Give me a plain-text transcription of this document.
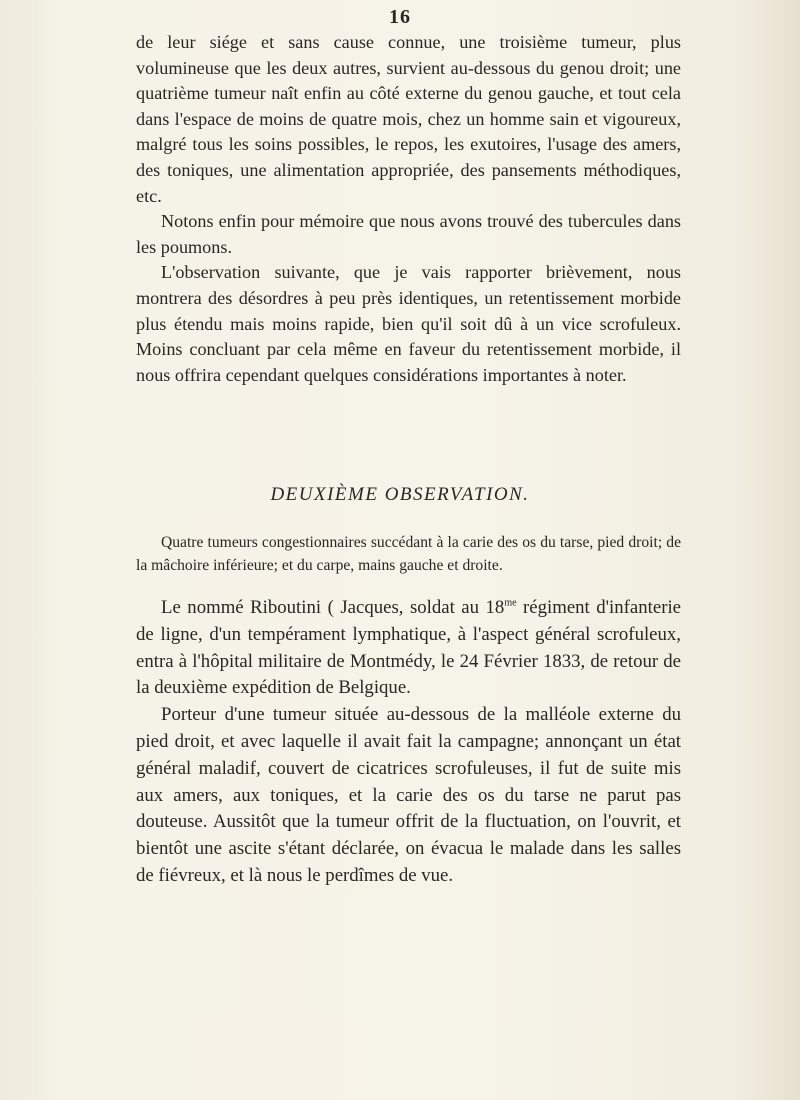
16

de leur siége et sans cause connue, une troisième tumeur, plus volumineuse que les deux autres, survient au-dessous du genou droit; une quatrième tumeur naît enfin au côté externe du genou gauche, et tout cela dans l'espace de moins de quatre mois, chez un homme sain et vigoureux, malgré tous les soins possibles, le repos, les exutoires, l'usage des amers, des toniques, une alimentation appropriée, des pansements méthodiques, etc.

Notons enfin pour mémoire que nous avons trouvé des tubercules dans les poumons.

L'observation suivante, que je vais rapporter brièvement, nous montrera des désordres à peu près identiques, un retentissement morbide plus étendu mais moins rapide, bien qu'il soit dû à un vice scrofuleux. Moins concluant par cela même en faveur du retentissement morbide, il nous offrira cependant quelques considérations importantes à noter.

DEUXIÈME OBSERVATION.

Quatre tumeurs congestionnaires succédant à la carie des os du tarse, pied droit; de la mâchoire inférieure; et du carpe, mains gauche et droite.

Le nommé Riboutini ( Jacques, soldat au $18^{me}$ régiment d'infanterie de ligne, d'un tempérament lymphatique, à l'aspect général scrofuleux, entra à l'hôpital militaire de Montmédy, le 24 Février 1833, de retour de la deuxième expédition de Belgique.

Porteur d'une tumeur située au-dessous de la malléole externe du pied droit, et avec laquelle il avait fait la campagne; annonçant un état général maladif, couvert de cicatrices scrofuleuses, il fut de suite mis aux amers, aux toniques, et la carie des os du tarse ne parut pas douteuse. Aussitôt que la tumeur offrit de la fluctuation, on l'ouvrit, et bientôt une ascite s'étant déclarée, on évacua le malade dans les salles de fiévreux, et là nous le perdîmes de vue.
